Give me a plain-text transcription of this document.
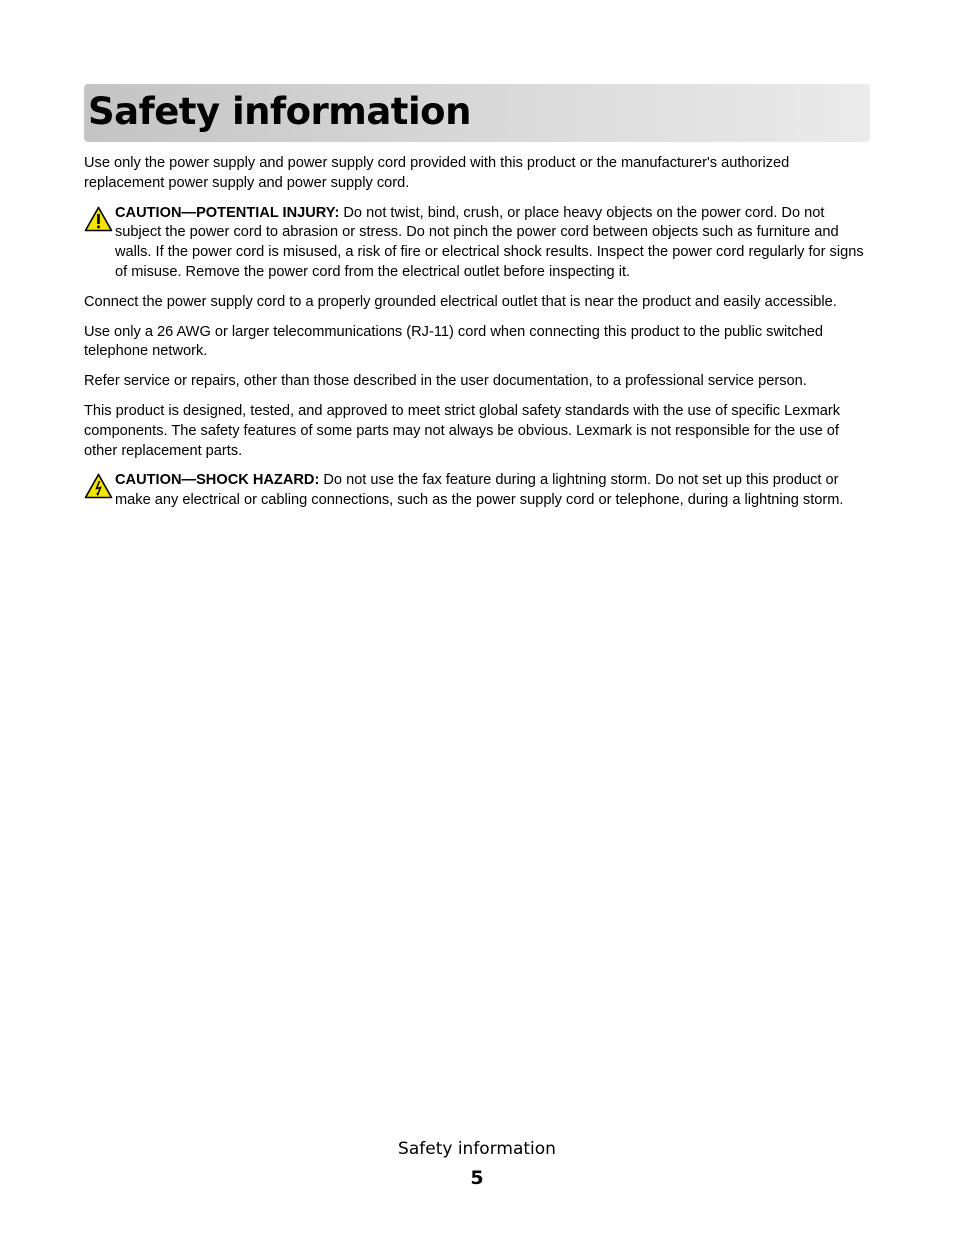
Safety information

Use only the power supply and power supply cord provided with this product or the manufacturer's authorized replacement power supply and power supply cord.

CAUTION—POTENTIAL INJURY: Do not twist, bind, crush, or place heavy objects on the power cord. Do not subject the power cord to abrasion or stress. Do not pinch the power cord between objects such as furniture and walls. If the power cord is misused, a risk of fire or electrical shock results. Inspect the power cord regularly for signs of misuse. Remove the power cord from the electrical outlet before inspecting it.

Connect the power supply cord to a properly grounded electrical outlet that is near the product and easily accessible.

Use only a 26 AWG or larger telecommunications (RJ-11) cord when connecting this product to the public switched telephone network.

Refer service or repairs, other than those described in the user documentation, to a professional service person.

This product is designed, tested, and approved to meet strict global safety standards with the use of specific Lexmark components. The safety features of some parts may not always be obvious. Lexmark is not responsible for the use of other replacement parts.

CAUTION—SHOCK HAZARD: Do not use the fax feature during a lightning storm. Do not set up this product or make any electrical or cabling connections, such as the power supply cord or telephone, during a lightning storm.
Safety information
5
